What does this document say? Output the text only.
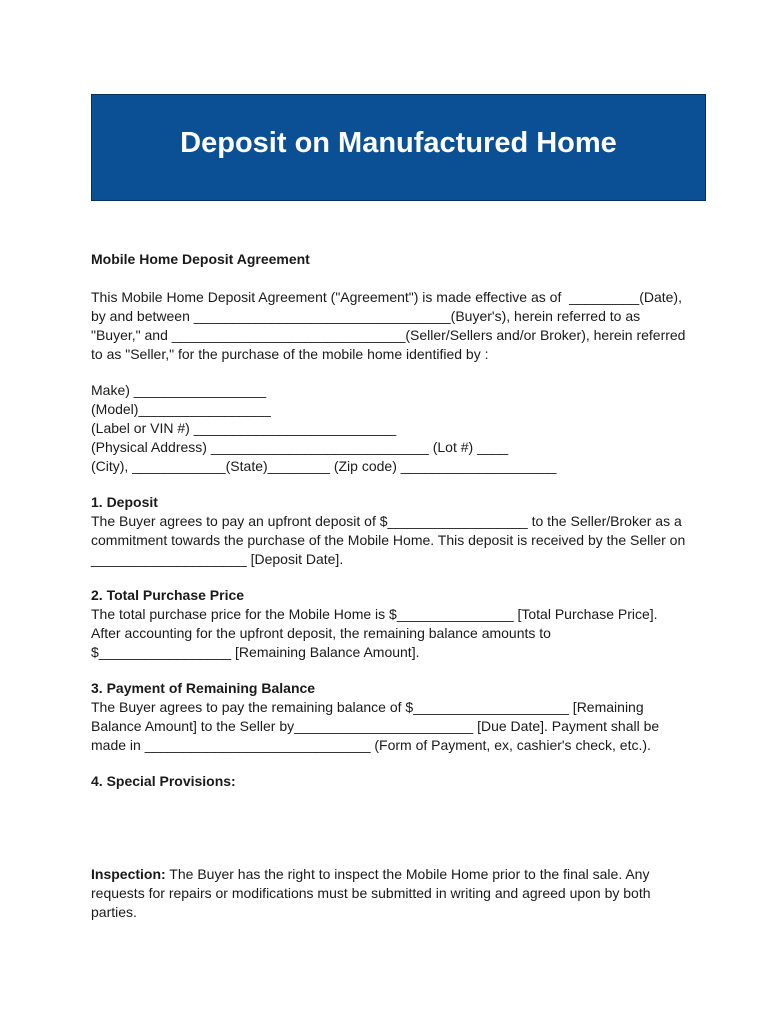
Deposit on Manufactured Home

Mobile Home Deposit Agreement

This Mobile Home Deposit Agreement ("Agreement") is made effective as of  _________(Date),
by and between _________________________________(Buyer's), herein referred to as
"Buyer," and ______________________________(Seller/Sellers and/or Broker), herein referred
to as "Seller," for the purchase of the mobile home identified by :
Make) _________________
(Model)_________________
(Label or VIN #) __________________________
(Physical Address) ____________________________ (Lot #) ____
(City), ____________(State)________ (Zip code) ____________________

1. Deposit

The Buyer agrees to pay an upfront deposit of $__________________ to the Seller/Broker as a
commitment towards the purchase of the Mobile Home. This deposit is received by the Seller on
____________________ [Deposit Date].

2. Total Purchase Price

The total purchase price for the Mobile Home is $_______________ [Total Purchase Price].
After accounting for the upfront deposit, the remaining balance amounts to
$_________________ [Remaining Balance Amount].

3. Payment of Remaining Balance

The Buyer agrees to pay the remaining balance of $____________________ [Remaining
Balance Amount] to the Seller by_______________________ [Due Date]. Payment shall be
made in _____________________________ (Form of Payment, ex, cashier's check, etc.).

4. Special Provisions:

Inspection: The Buyer has the right to inspect the Mobile Home prior to the final sale. Any
requests for repairs or modifications must be submitted in writing and agreed upon by both
parties.
